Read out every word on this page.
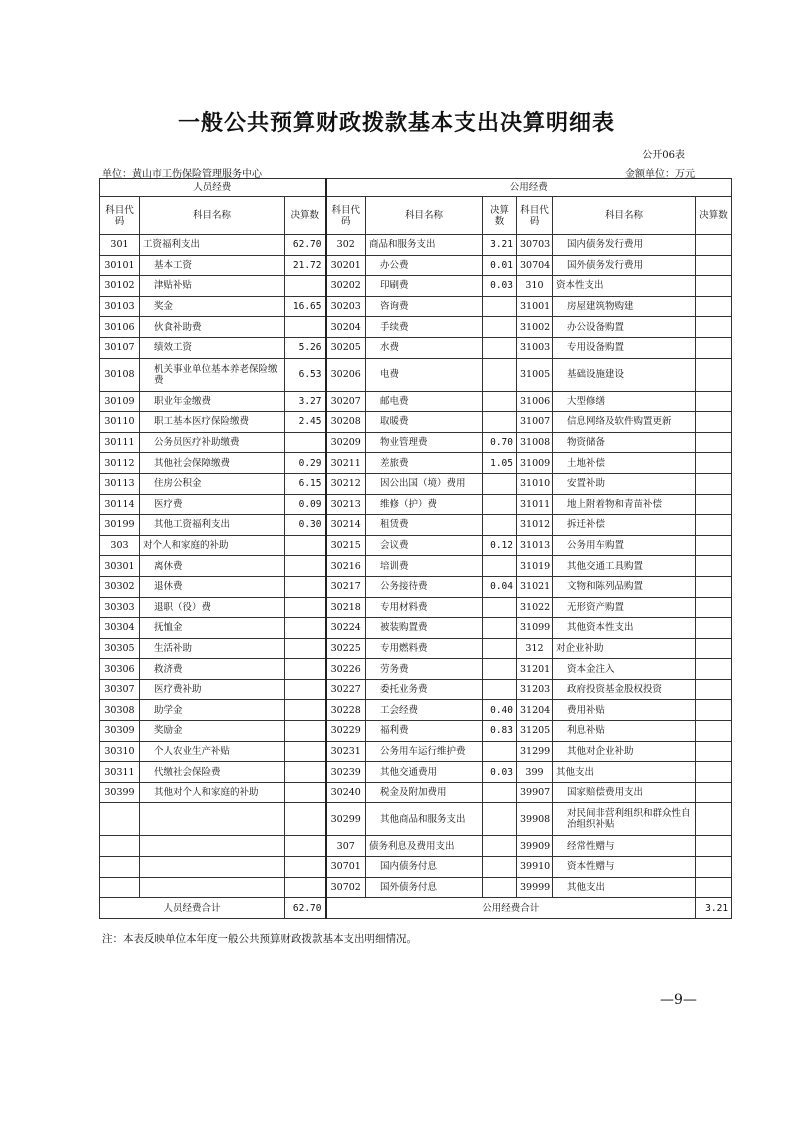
一般公共预算财政拨款基本支出决算明细表
公开06表
单位：黄山市工伤保险管理服务中心	金额单位：万元
人员经费			公用经费					
科目代码	科目名称	决算数	科目代码	科目名称	决算数	科目代码	科目名称	决算数
301	工资福利支出	62.70	302	商品和服务支出	3.21	30703	国内债务发行费用	
30101	基本工资	21.72	30201	办公费	0.01	30704	国外债务发行费用	
30102	津贴补贴		30202	印刷费	0.03	310	资本性支出	
30103	奖金	16.65	30203	咨询费		31001	房屋建筑物购建	
30106	伙食补助费		30204	手续费		31002	办公设备购置	
30107	绩效工资	5.26	30205	水费		31003	专用设备购置	
30108	机关事业单位基本养老保险缴费	6.53	30206	电费		31005	基础设施建设	
30109	职业年金缴费	3.27	30207	邮电费		31006	大型修缮	
30110	职工基本医疗保险缴费	2.45	30208	取暖费		31007	信息网络及软件购置更新	
30111	公务员医疗补助缴费		30209	物业管理费	0.70	31008	物资储备	
30112	其他社会保障缴费	0.29	30211	差旅费	1.05	31009	土地补偿	
30113	住房公积金	6.15	30212	因公出国（境）费用		31010	安置补助	
30114	医疗费	0.09	30213	维修（护）费		31011	地上附着物和青苗补偿	
30199	其他工资福利支出	0.30	30214	租赁费		31012	拆迁补偿	
303	对个人和家庭的补助		30215	会议费	0.12	31013	公务用车购置	
30301	离休费		30216	培训费		31019	其他交通工具购置	
30302	退休费		30217	公务接待费	0.04	31021	文物和陈列品购置	
30303	退职（役）费		30218	专用材料费		31022	无形资产购置	
30304	抚恤金		30224	被装购置费		31099	其他资本性支出	
30305	生活补助		30225	专用燃料费		312	对企业补助	
30306	救济费		30226	劳务费		31201	资本金注入	
30307	医疗费补助		30227	委托业务费		31203	政府投资基金股权投资	
30308	助学金		30228	工会经费	0.40	31204	费用补贴	
30309	奖励金		30229	福利费	0.83	31205	利息补贴	
30310	个人农业生产补贴		30231	公务用车运行维护费		31299	其他对企业补助	
30311	代缴社会保险费		30239	其他交通费用	0.03	399	其他支出	
30399	其他对个人和家庭的补助		30240	税金及附加费用		39907	国家赔偿费用支出	
			30299	其他商品和服务支出		39908	对民间非营利组织和群众性自治组织补贴	
			307	债务利息及费用支出		39909	经常性赠与	
			30701	国内债务付息		39910	资本性赠与	
			30702	国外债务付息		39999	其他支出	
人员经费合计		62.70	公用经费合计					3.21
注：本表反映单位本年度一般公共预算财政拨款基本支出明细情况。
—9—
